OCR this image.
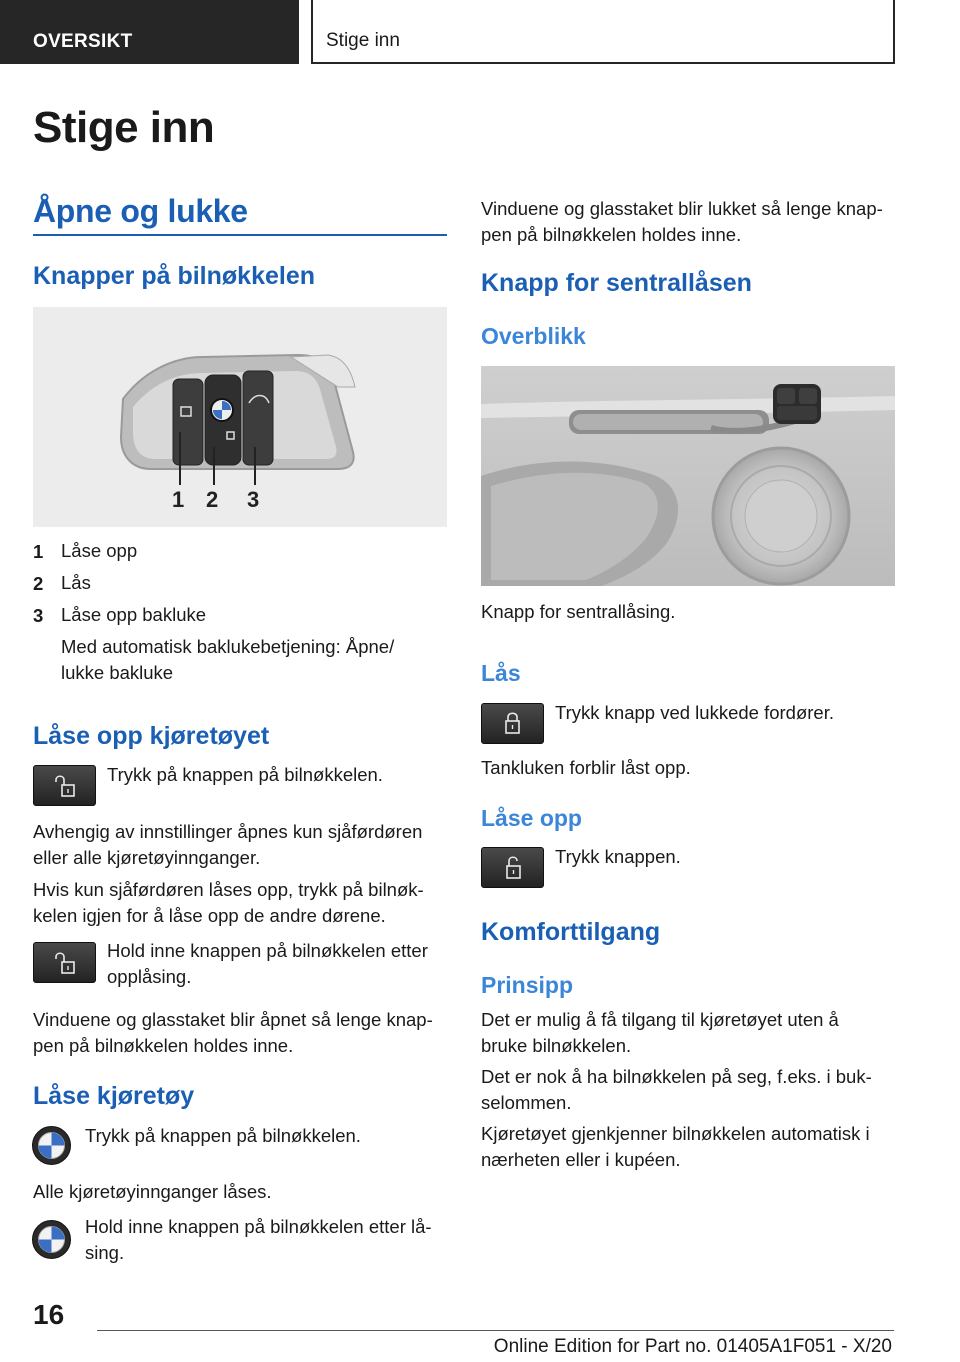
OVERSIKT	Stige inn
Stige inn
Åpne og lukke
Knapper på bilnøkkelen
1 2 3
1 Låse opp
2 Lås
3 Låse opp bakluke
Med automatisk baklukebetjening: Åpne/
lukke bakluke
Låse opp kjøretøyet
Trykk på knappen på bilnøkkelen.
Avhengig av innstillinger åpnes kun sjåførdøren
eller alle kjøretøyinnganger.
Hvis kun sjåførdøren låses opp, trykk på bilnøk-
kelen igjen for å låse opp de andre dørene.
Hold inne knappen på bilnøkkelen etter
opplåsing.
Vinduene og glasstaket blir åpnet så lenge knap-
pen på bilnøkkelen holdes inne.
Låse kjøretøy
Trykk på knappen på bilnøkkelen.
Alle kjøretøyinnganger låses.
Hold inne knappen på bilnøkkelen etter lå-
sing.
Vinduene og glasstaket blir lukket så lenge knap-
pen på bilnøkkelen holdes inne.
Knapp for sentrallåsen
Overblikk
Knapp for sentrallåsing.
Lås
Trykk knapp ved lukkede fordører.
Tankluken forblir låst opp.
Låse opp
Trykk knappen.
Komforttilgang
Prinsipp
Det er mulig å få tilgang til kjøretøyet uten å
bruke bilnøkkelen.
Det er nok å ha bilnøkkelen på seg, f.eks. i buk-
selommen.
Kjøretøyet gjenkjenner bilnøkkelen automatisk i
nærheten eller i kupéen.
16
Online Edition for Part no. 01405A1F051 - X/20
